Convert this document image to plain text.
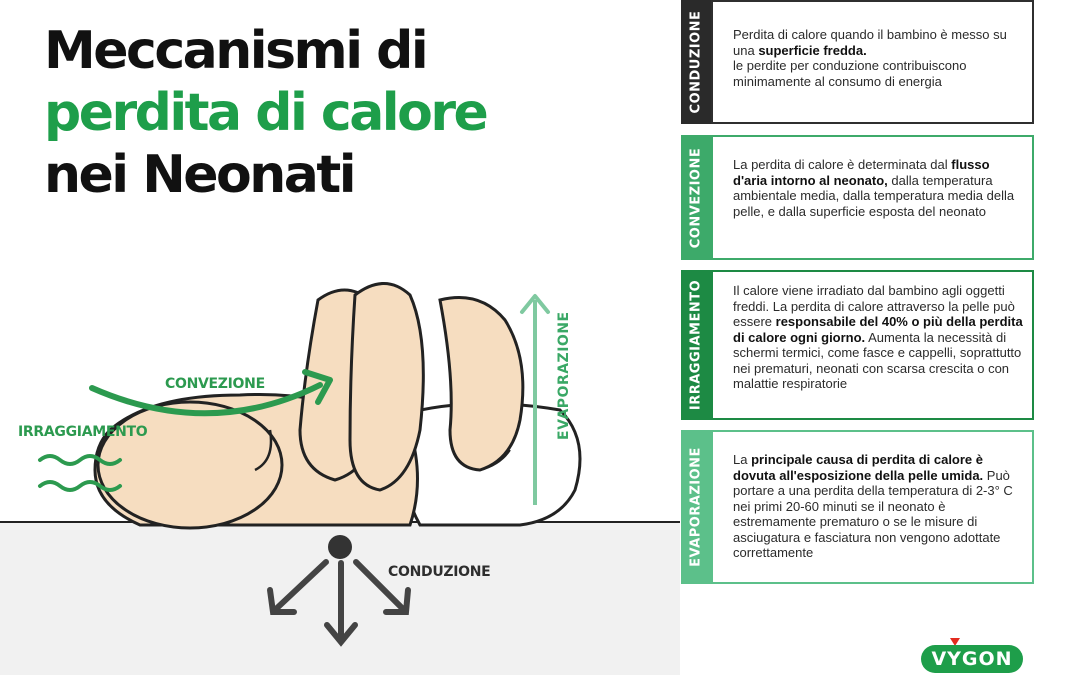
Meccanismi di
perdita di calore
nei Neonati
CONVEZIONE
IRRAGGIAMENTO
CONDUZIONE
EVAPORAZIONE
CONDUZIONE Perdita di calore quando il bambino è messo su una superficie fredda.
le perdite per conduzione contribuiscono minimamente al consumo di energia
CONVEZIONE La perdita di calore è determinata dal flusso d'aria intorno al neonato, dalla temperatura ambientale media, dalla temperatura media della pelle, e dalla superficie esposta del neonato
IRRAGGIAMENTO Il calore viene irradiato dal bambino agli oggetti freddi. La perdita di calore attraverso la pelle può essere responsabile del 40% o più della perdita di calore ogni giorno. Aumenta la necessità di schermi termici, come fasce e cappelli, soprattutto nei prematuri, neonati con scarsa crescita o con malattie respiratorie
EVAPORAZIONE La principale causa di perdita di calore è dovuta all'esposizione della pelle umida. Può portare a una perdita della temperatura di 2-3° C nei primi 20-60 minuti se il neonato è estremamente prematuro o se le misure di asciugatura e fasciatura non vengono adottate correttamente
VYGON
